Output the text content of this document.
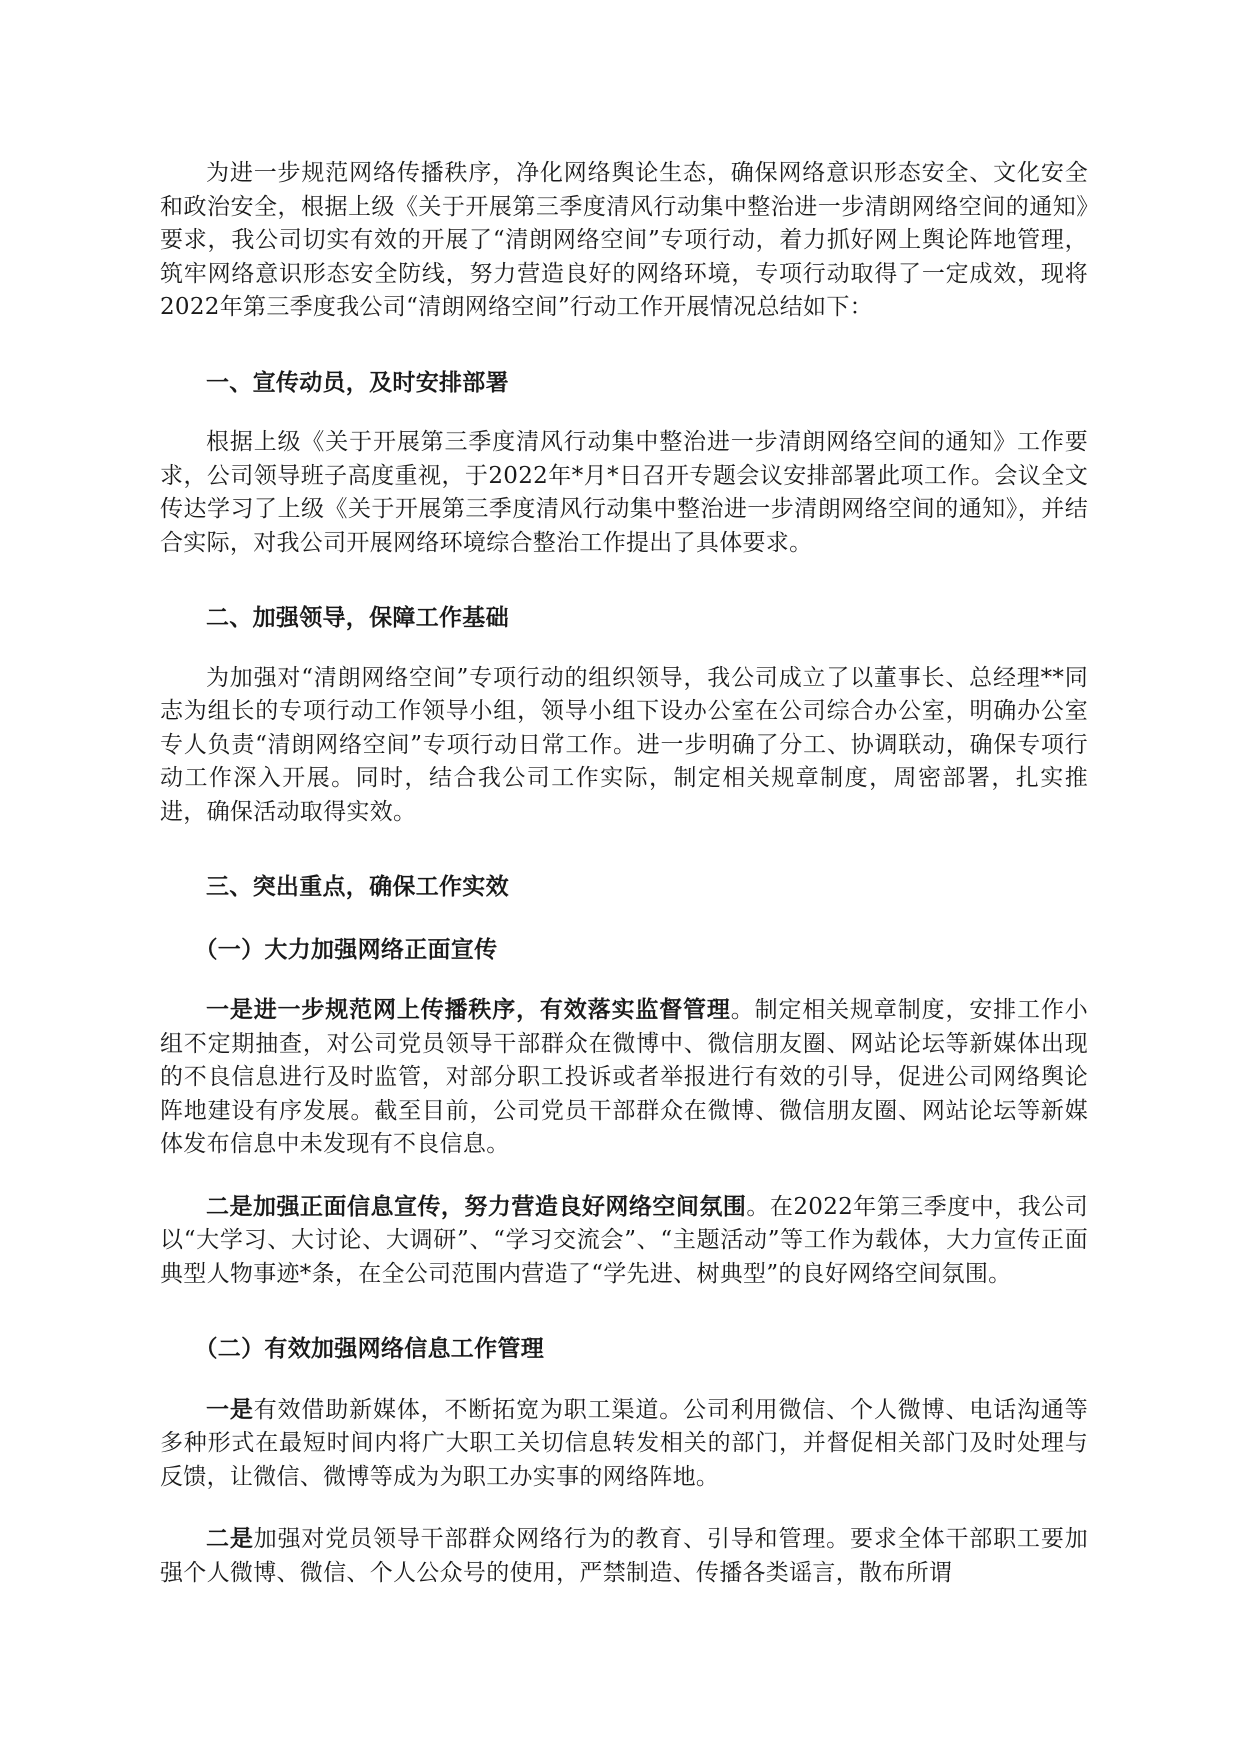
为进一步规范网络传播秩序，净化网络舆论生态，确保网络意识形态安全、文化安全和政治安全，根据上级《关于开展第三季度清风行动集中整治进一步清朗网络空间的通知》要求，我公司切实有效的开展了“清朗网络空间”专项行动，着力抓好网上舆论阵地管理，筑牢网络意识形态安全防线，努力营造良好的网络环境，专项行动取得了一定成效，现将2022年第三季度我公司“清朗网络空间”行动工作开展情况总结如下：

一、宣传动员，及时安排部署

根据上级《关于开展第三季度清风行动集中整治进一步清朗网络空间的通知》工作要求，公司领导班子高度重视，于2022年*月*日召开专题会议安排部署此项工作。会议全文传达学习了上级《关于开展第三季度清风行动集中整治进一步清朗网络空间的通知》，并结合实际，对我公司开展网络环境综合整治工作提出了具体要求。

二、加强领导，保障工作基础

为加强对“清朗网络空间”专项行动的组织领导，我公司成立了以董事长、总经理**同志为组长的专项行动工作领导小组，领导小组下设办公室在公司综合办公室，明确办公室专人负责“清朗网络空间”专项行动日常工作。进一步明确了分工、协调联动，确保专项行动工作深入开展。同时，结合我公司工作实际，制定相关规章制度，周密部署，扎实推进，确保活动取得实效。

三、突出重点，确保工作实效

（一）大力加强网络正面宣传

一是进一步规范网上传播秩序，有效落实监督管理。制定相关规章制度，安排工作小组不定期抽查，对公司党员领导干部群众在微博中、微信朋友圈、网站论坛等新媒体出现的不良信息进行及时监管，对部分职工投诉或者举报进行有效的引导，促进公司网络舆论阵地建设有序发展。截至目前，公司党员干部群众在微博、微信朋友圈、网站论坛等新媒体发布信息中未发现有不良信息。

二是加强正面信息宣传，努力营造良好网络空间氛围。在2022年第三季度中，我公司以“大学习、大讨论、大调研”、“学习交流会”、“主题活动”等工作为载体，大力宣传正面典型人物事迹*条，在全公司范围内营造了“学先进、树典型”的良好网络空间氛围。

（二）有效加强网络信息工作管理

一是有效借助新媒体，不断拓宽为职工渠道。公司利用微信、个人微博、电话沟通等多种形式在最短时间内将广大职工关切信息转发相关的部门，并督促相关部门及时处理与反馈，让微信、微博等成为为职工办实事的网络阵地。

二是加强对党员领导干部群众网络行为的教育、引导和管理。要求全体干部职工要加强个人微博、微信、个人公众号的使用，严禁制造、传播各类谣言，散布所谓
